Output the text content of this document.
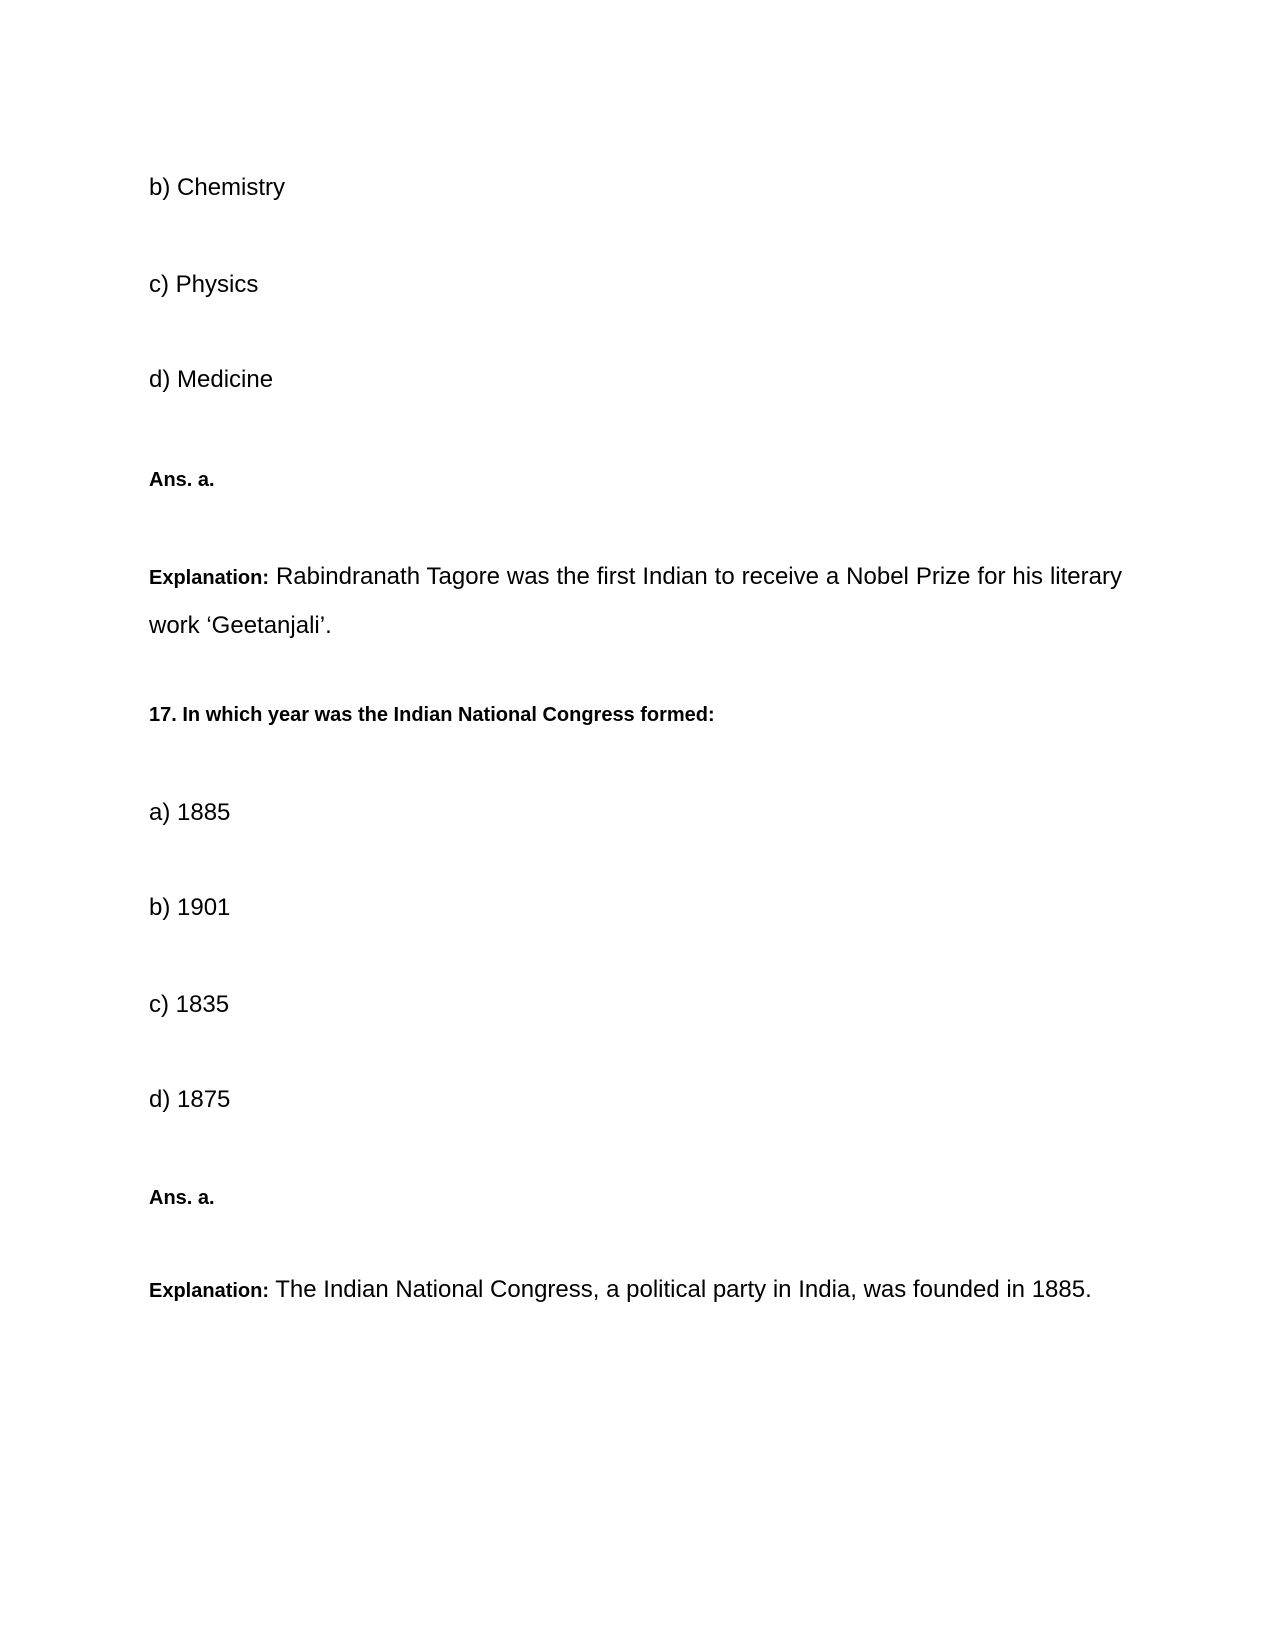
b) Chemistry
c) Physics
d) Medicine
Ans. a.
Explanation: Rabindranath Tagore was the first Indian to receive a Nobel Prize for his literary work ‘Geetanjali’.
17. In which year was the Indian National Congress formed:
a) 1885
b) 1901
c) 1835
d) 1875
Ans. a.
Explanation: The Indian National Congress, a political party in India, was founded in 1885.
